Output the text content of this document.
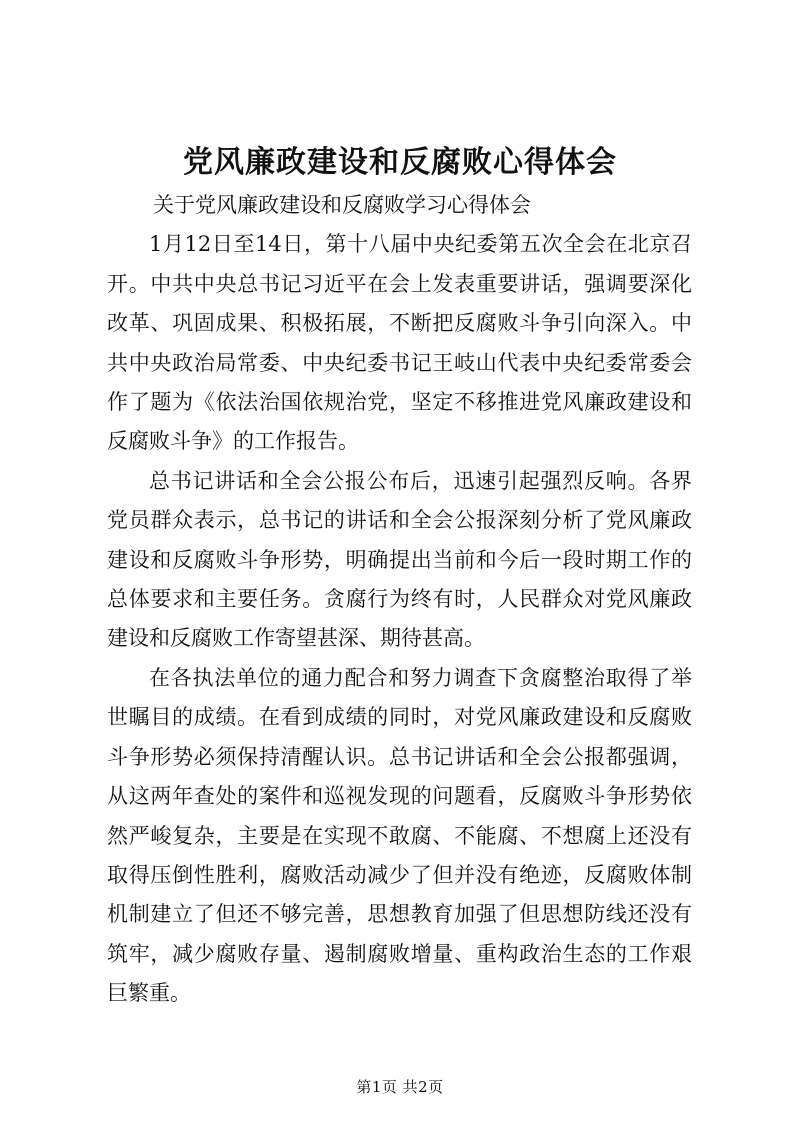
党风廉政建设和反腐败心得体会

关于党风廉政建设和反腐败学习心得体会

1月12日至14日，第十八届中央纪委第五次全会在北京召开。中共中央总书记习近平在会上发表重要讲话，强调要深化改革、巩固成果、积极拓展，不断把反腐败斗争引向深入。中共中央政治局常委、中央纪委书记王岐山代表中央纪委常委会作了题为《依法治国依规治党，坚定不移推进党风廉政建设和反腐败斗争》的工作报告。

总书记讲话和全会公报公布后，迅速引起强烈反响。各界党员群众表示，总书记的讲话和全会公报深刻分析了党风廉政建设和反腐败斗争形势，明确提出当前和今后一段时期工作的总体要求和主要任务。贪腐行为终有时，人民群众对党风廉政建设和反腐败工作寄望甚深、期待甚高。

在各执法单位的通力配合和努力调查下贪腐整治取得了举世瞩目的成绩。在看到成绩的同时，对党风廉政建设和反腐败斗争形势必须保持清醒认识。总书记讲话和全会公报都强调，从这两年查处的案件和巡视发现的问题看，反腐败斗争形势依然严峻复杂，主要是在实现不敢腐、不能腐、不想腐上还没有取得压倒性胜利，腐败活动减少了但并没有绝迹，反腐败体制机制建立了但还不够完善，思想教育加强了但思想防线还没有筑牢，减少腐败存量、遏制腐败增量、重构政治生态的工作艰巨繁重。

第1页 共2页
